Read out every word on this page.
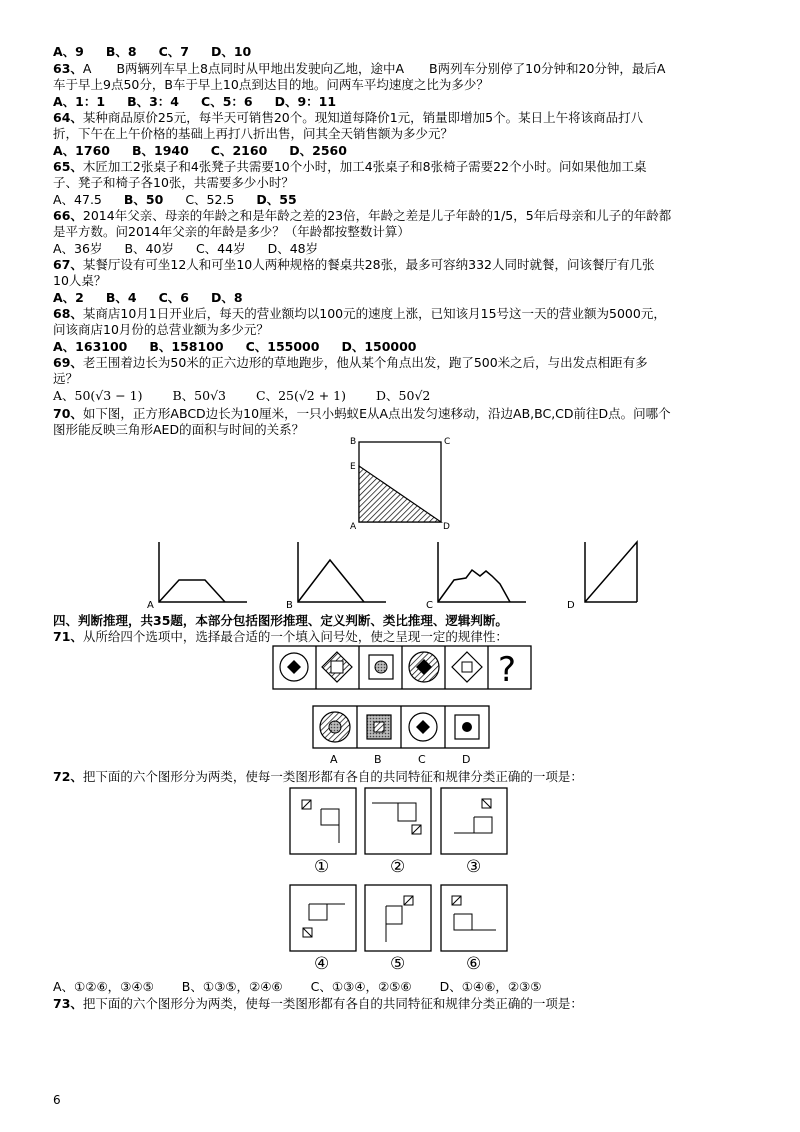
A、9 B、8 C、7 D、10
63、A　　B两辆列车早上8点同时从甲地出发驶向乙地，途中A　　B两列车分别停了10分钟和20分钟，最后A
车于早上9点50分，B车于早上10点到达目的地。问两车平均速度之比为多少？
A、1：1 B、3：4 C、5：6 D、9：11
64、某种商品原价25元，每半天可销售20个。现知道每降价1元，销量即增加5个。某日上午将该商品打八
折，下午在上午价格的基础上再打八折出售，问其全天销售额为多少元？
A、1760 B、1940 C、2160 D、2560
65、木匠加工2张桌子和4张凳子共需要10个小时，加工4张桌子和8张椅子需要22个小时。问如果他加工桌
子、凳子和椅子各10张，共需要多少小时？
A、47.5 B、50 C、52.5 D、55
66、2014年父亲、母亲的年龄之和是年龄之差的23倍，年龄之差是儿子年龄的1/5，5年后母亲和儿子的年龄都
是平方数。问2014年父亲的年龄是多少？（年龄都按整数计算）
A、36岁 B、40岁 C、44岁 D、48岁
67、某餐厅设有可坐12人和可坐10人两种规格的餐桌共28张，最多可容纳332人同时就餐，问该餐厅有几张
10人桌？
A、2 B、4 C、6 D、8
68、某商店10月1日开业后，每天的营业额均以100元的速度上涨，已知该月15号这一天的营业额为5000元，
问该商店10月份的总营业额为多少元？
A、163100 B、158100 C、155000 D、150000
69、老王围着边长为50米的正六边形的草地跑步，他从某个角点出发，跑了500米之后，与出发点相距有多
远？
A、50(√3 − 1) B、50√3 C、25(√2 + 1) D、50√2
70、如下图，正方形ABCD边长为10厘米，一只小蚂蚁E从A点出发匀速移动，沿边AB,BC,CD前往D点。问哪个
图形能反映三角形AED的面积与时间的关系？
B	C
E
A	D
A	B	C	D
四、判断推理，共35题，本部分包括图形推理、定义判断、类比推理、逻辑判断。
71、从所给四个选项中，选择最合适的一个填入问号处，使之呈现一定的规律性：
?
A	B	C	D
72、把下面的六个图形分为两类，使每一类图形都有各自的共同特征和规律分类正确的一项是：
①	②	③
④	⑤	⑥
A、①②⑥，③④⑤ B、①③⑤，②④⑥ C、①③④，②⑤⑥ D、①④⑥，②③⑤
73、把下面的六个图形分为两类，使每一类图形都有各自的共同特征和规律分类正确的一项是：
6
